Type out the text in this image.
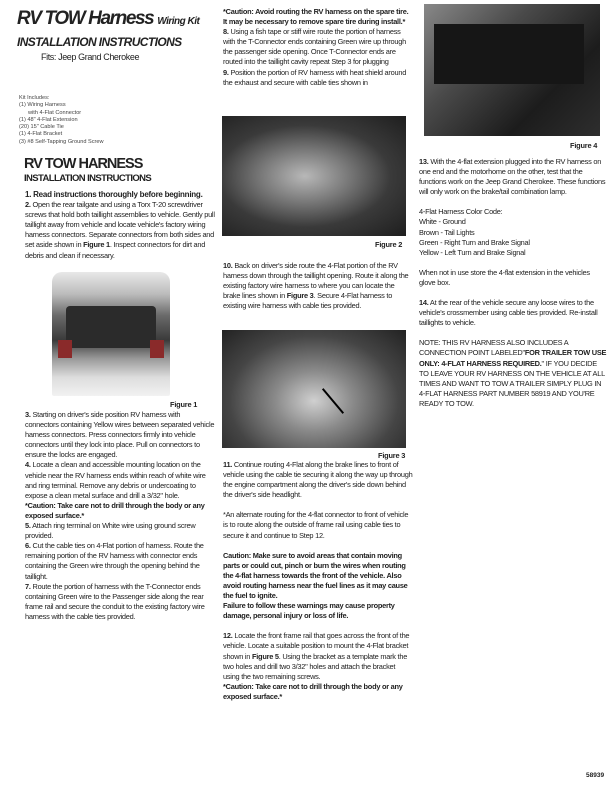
RV TOW Harness Wiring Kit
INSTALLATION INSTRUCTIONS
Fits: Jeep Grand Cherokee
Kit Includes:
(1) Wiring Harness
with 4-Flat Connector
(1) 48" 4-Flat Extension
(20) 15" Cable Tie
(1) 4-Flat Bracket
(3) #8 Self-Tapping Ground Screw
RV TOW HARNESS
INSTALLATION INSTRUCTIONS

1. Read instructions thoroughly before beginning.

2. Open the rear tailgate and using a Torx T-20 screwdriver screws that hold both taillight assemblies to vehicle. Gently pull taillight away from vehicle and locate vehicle's factory wiring harness connectors. Separate connectors from both sides and set aside shown in Figure 1. Inspect connectors for dirt and debris and clean if necessary.

Figure 1

3. Starting on driver's side position RV harness with connectors containing Yellow wires between separated vehicle harness connectors. Press connectors firmly into vehicle connectors until they lock into place. Pull on connectors to ensure the locks are engaged.

4. Locate a clean and accessible mounting location on the vehicle near the RV harness ends within reach of white wire and ring terminal. Remove any debris or undercoating to expose a clean metal surface and drill a 3/32" hole.

*Caution: Take care not to drill through the body or any exposed surface.*

5. Attach ring terminal on White wire using ground screw provided.

6. Cut the cable ties on 4-Flat portion of harness. Route the remaining portion of the RV harness with connector ends containing the Green wire through the opening behind the taillight.

7. Route the portion of harness with the T-Connector ends containing Green wire to the Passenger side along the rear frame rail and secure the conduit to the existing factory wire harness with the cable ties provided.

*Caution: Avoid routing the RV harness on the spare tire. It may be necessary to remove spare tire during install.*

8. Using a fish tape or stiff wire route the portion of harness with the T-Connector ends containing Green wire up through the passenger side opening. Once T-Connector ends are routed into the taillight cavity repeat Step 3 for plugging

9. Position the portion of RV harness with heat shield around the exhaust and secure with cable ties shown in

Figure 2

10. Back on driver's side route the 4-Flat portion of the RV harness down through the taillight opening. Route it along the existing factory wire harness to where you can locate the brake lines shown in Figure 3. Secure 4-Flat harness to existing wire harness with cable ties provided.

Figure 3

11. Continue routing 4-Flat along the brake lines to front of vehicle using the cable tie securing it along the way up through the engine compartment along the driver's side down behind the driver's side headlight.

*An alternate routing for the 4-flat connector to front of vehicle is to route along the outside of frame rail using cable ties to secure it and continue to Step 12.

Caution: Make sure to avoid areas that contain moving parts or could cut, pinch or burn the wires when routing the 4-flat harness towards the front of the vehicle. Also avoid routing harness near the fuel lines as it may cause the fuel to ignite.

Failure to follow these warnings may cause property damage, personal injury or loss of life.

12. Locate the front frame rail that goes across the front of the vehicle. Locate a suitable position to mount the 4-Flat bracket shown in Figure 5. Using the bracket as a template mark the two holes and drill two 3/32" holes and attach the bracket using the two remaining screws.

*Caution: Take care not to drill through the body or any exposed surface.*

Figure 4

13. With the 4-flat extension plugged into the RV harness on one end and the motorhome on the other, test that the functions work on the Jeep Grand Cherokee. These functions will only work on the brake/tail combination lamp.

4-Flat Harness Color Code:

White - Ground

Brown - Tail Lights

Green - Right Turn and Brake Signal

Yellow - Left Turn and Brake Signal

When not in use store the 4-flat extension in the vehicles glove box.

14. At the rear of the vehicle secure any loose wires to the vehicle's crossmember using cable ties provided. Re-install taillights to vehicle.

NOTE: THIS RV HARNESS ALSO INCLUDES A CONNECTION POINT LABELED"FOR TRAILER TOW USE ONLY: 4-FLAT HARNESS REQUIRED." IF YOU DECIDE TO LEAVE YOUR RV HARNESS ON THE VEHICLE AT ALL TIMES AND WANT TO TOW A TRAILER SIMPLY PLUG IN 4-FLAT HARNESS PART NUMBER 58919 AND YOU'RE READY TO TOW.

58939
